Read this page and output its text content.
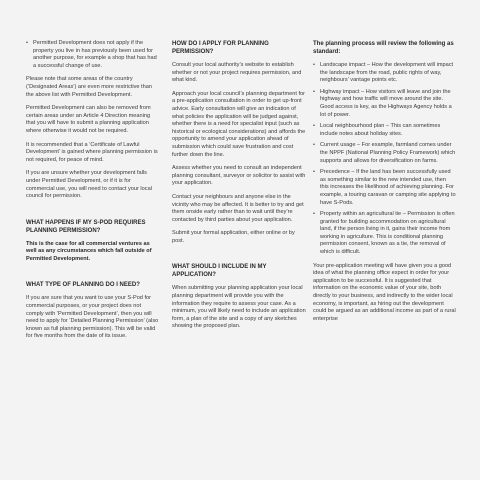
• Permitted Development does not apply if the property you live in has previously been used for another purpose, for example a shop that has had a successful change of use.

Please note that some areas of the country (‘Designated Areas’) are even more restrictive than the above list with Permitted Development.

Permitted Development can also be removed from certain areas under an Article 4 Direction meaning that you will have to submit a planning application where otherwise it would not be required.

It is recommended that a ‘Certificate of Lawful Development’ is gained where planning permission is not required, for peace of mind.

If you are unsure whether your development falls under Permitted Development, or if it is for commercial use, you will need to contact your local council for permission.

WHAT HAPPENS IF MY S-POD REQUIRES PLANNING PERMISSION?

This is the case for all commercial ventures as well as any circumstances which fall outside of Permitted Development.

WHAT TYPE OF PLANNING DO I NEED?

If you are sure that you want to use your S-Pod for commercial purposes, or your project does not comply with ‘Permitted Development’, then you will need to apply for ‘Detailed Planning Permission’ (also known as full planning permission). This will be valid for five months from the date of its issue.

HOW DO I APPLY FOR PLANNING PERMISSION?

Consult your local authority’s website to establish whether or not your project requires permission, and what kind.

Approach your local council’s planning department for a pre-application consultation in order to get up-front advice. Early consultation will give an indication of what policies the application will be judged against, whether there is a need for specialist input (such as historical or ecological considerations) and affords the opportunity to amend your application ahead of submission which could save frustration and cost further down the line.

Assess whether you need to consult an independent planning consultant, surveyor or solicitor to assist with your application.

Contact your neighbours and anyone else in the vicinity who may be affected. It is better to try and get them onside early rather than to wait until they’re contacted by third parties about your application.

Submit your formal application, either online or by post.

WHAT SHOULD I INCLUDE IN MY APPLICATION?

When submitting your planning application your local planning department will provide you with the information they require to assess your case. As a minimum, you will likely need to include an application form, a plan of the site and a copy of any sketches showing the proposed plan.

The planning process will review the following as standard:
• Landscape impact – How the development will impact the landscape from the road, public rights of way, neighbours’ vantage points etc.
• Highway impact – How visitors will leave and join the highway and how traffic will move around the site. Good access is key, as the Highways Agency holds a lot of power.
• Local neighbourhood plan – This can sometimes include notes about holiday sites.
• Current usage – For example, farmland comes under the NPPF (National Planning Policy Framework) which supports and allows for diversification on farms.
• Precedence – If the land has been successfully used as something similar to the new intended use, then this increases the likelihood of achieving planning. For example, a touring caravan or camping site applying to have S-Pods.
• Property within an agricultural tie – Permission is often granted for building accommodation on agricultural land, if the person living in it, gains their income from working in agriculture. This is conditional planning permission consent, known as a tie, the removal of which is difficult.

Your pre-application meeting will have given you a good idea of what the planning office expect in order for your application to be successful. It is suggested that information on the economic value of your site, both directly to your business, and indirectly to the wider local economy, is important, as hiring out the development could be argued as an additional income as part of a rural enterprise
